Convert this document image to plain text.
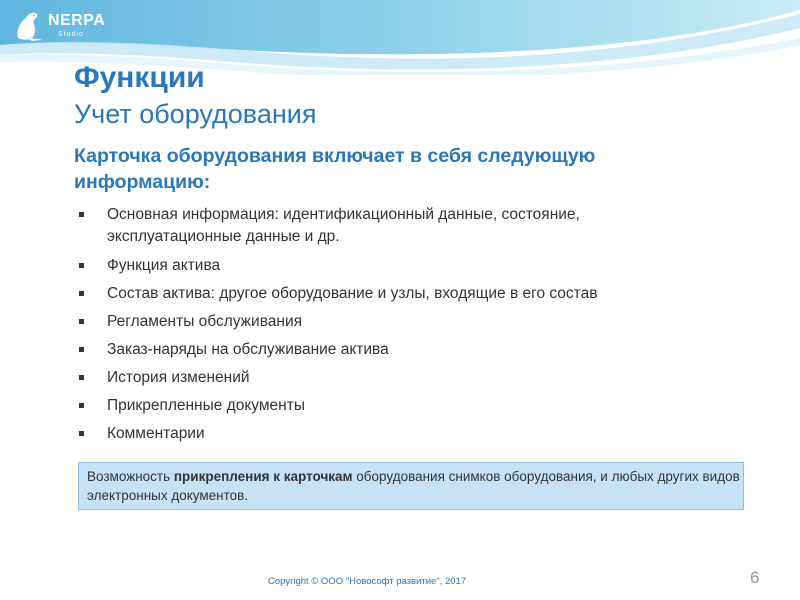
NERPA
Studio
Функции
Учет оборудования
Карточка оборудования включает в себя следующую информацию:
Основная информация: идентификационный данные, состояние, эксплуатационные данные и др.
Функция актива
Состав актива: другое оборудование и узлы, входящие в его состав
Регламенты обслуживания
Заказ-наряды на обслуживание актива
История изменений
Прикрепленные документы
Комментарии
Возможность прикрепления к карточкам оборудования снимков оборудования, и любых других видов электронных документов.
Copyright © ООО "Новософт развитие", 2017	6
